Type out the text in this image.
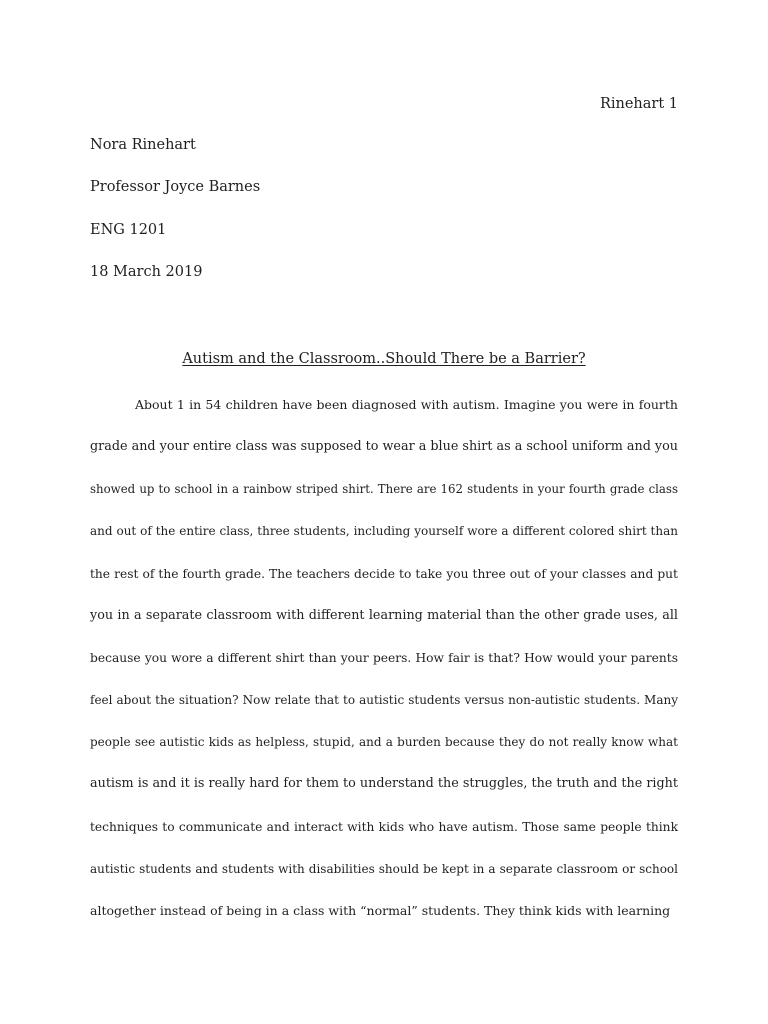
Rinehart 1
Nora Rinehart
Professor Joyce Barnes
ENG 1201
18 March 2019
Autism and the Classroom..Should There be a Barrier?
About 1 in 54 children have been diagnosed with autism. Imagine you were in fourth
grade and your entire class was supposed to wear a blue shirt as a school uniform and you
showed up to school in a rainbow striped shirt. There are 162 students in your fourth grade class
and out of the entire class, three students, including yourself wore a different colored shirt than
the rest of the fourth grade. The teachers decide to take you three out of your classes and put
you in a separate classroom with different learning material than the other grade uses, all
because you wore a different shirt than your peers. How fair is that? How would your parents
feel about the situation? Now relate that to autistic students versus non-autistic students. Many
people see autistic kids as helpless, stupid, and a burden because they do not really know what
autism is and it is really hard for them to understand the struggles, the truth and the right
techniques to communicate and interact with kids who have autism. Those same people think
autistic students and students with disabilities should be kept in a separate classroom or school
altogether instead of being in a class with “normal” students. They think kids with learning
